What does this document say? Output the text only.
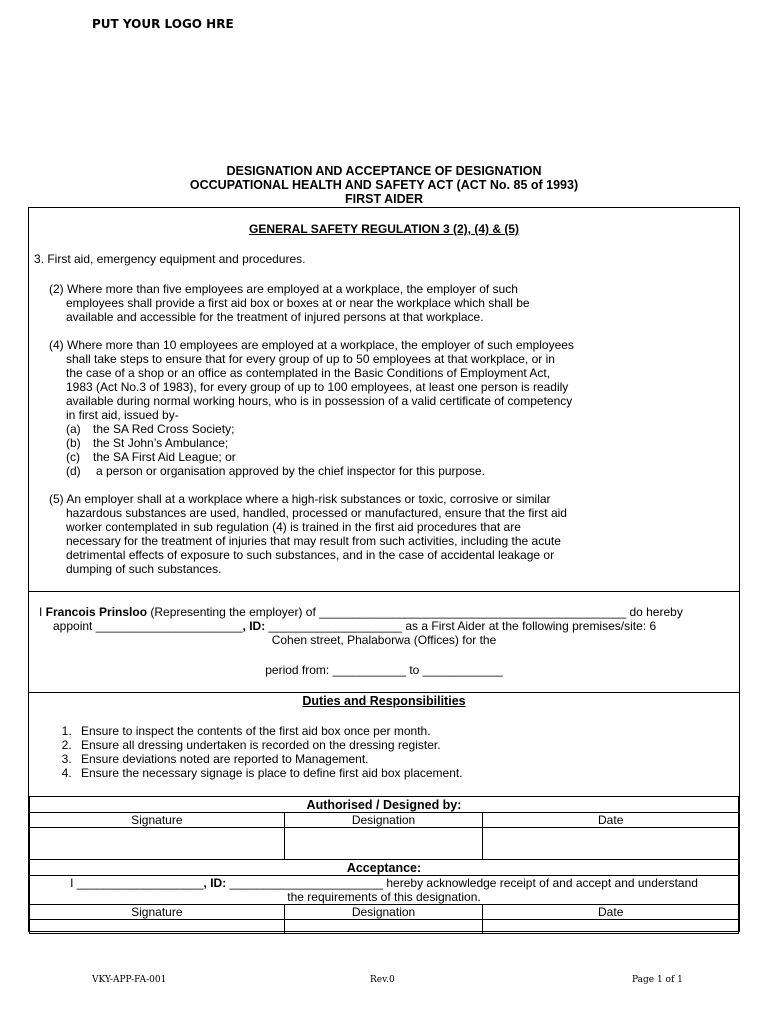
PUT YOUR LOGO HRE
DESIGNATION AND ACCEPTANCE OF DESIGNATION
OCCUPATIONAL HEALTH AND SAFETY ACT (ACT No. 85 of 1993)
FIRST AIDER
GENERAL SAFETY REGULATION 3 (2), (4) & (5)
3. First aid, emergency equipment and procedures.
(2) Where more than five employees are employed at a workplace, the employer of such employees shall provide a first aid box or boxes at or near the workplace which shall be available and accessible for the treatment of injured persons at that workplace.
(4) Where more than 10 employees are employed at a workplace, the employer of such employees shall take steps to ensure that for every group of up to 50 employees at that workplace, or in the case of a shop or an office as contemplated in the Basic Conditions of Employment Act, 1983 (Act No.3 of 1983), for every group of up to 100 employees, at least one person is readily available during normal working hours, who is in possession of a valid certificate of competency in first aid, issued by-
(a)	the SA Red Cross Society;
(b)	the St John’s Ambulance;
(c)	the SA First Aid League; or
(d)	a person or organisation approved by the chief inspector for this purpose.
(5) An employer shall at a workplace where a high-risk substances or toxic, corrosive or similar hazardous substances are used, handled, processed or manufactured, ensure that the first aid worker contemplated in sub regulation (4) is trained in the first aid procedures that are necessary for the treatment of injuries that may result from such activities, including the acute detrimental effects of exposure to such substances, and in the case of accidental leakage or dumping of such substances.
I Francois Prinsloo (Representing the employer) of ______________________________________________ do hereby
appoint ______________________, ID: ____________________ as a First Aider at the following premises/site: 6
Cohen street, Phalaborwa (Offices) for the
period from: ___________ to ____________
Duties and Responsibilities
1. Ensure to inspect the contents of the first aid box once per month.
2. Ensure all dressing undertaken is recorded on the dressing register.
3. Ensure deviations noted are reported to Management.
4. Ensure the necessary signage is place to define first aid box placement.
Authorised / Designed by:		
Signature	Designation	Date

Acceptance:		

I ___________________, ID: _______________________ hereby acknowledge receipt of and accept and understand
the requirements of this designation.		

Signature	Designation	Date

VKY-APP-FA-001	Rev.0	Page 1 of 1
